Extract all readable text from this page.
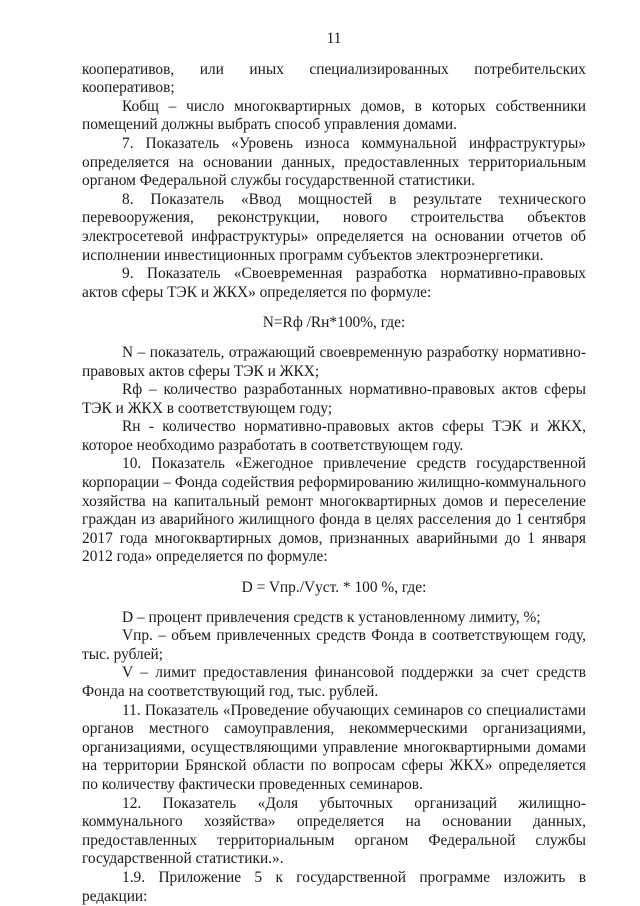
11

кооперативов, или иных специализированных потребительских кооперативов;

Кобщ – число многоквартирных домов, в которых собственники помещений должны выбрать способ управления домами.

7. Показатель «Уровень износа коммунальной инфраструктуры» определяется на основании данных, предоставленных территориальным органом Федеральной службы государственной статистики.

8. Показатель «Ввод мощностей в результате технического перевооружения, реконструкции, нового строительства объектов электросетевой инфраструктуры» определяется на основании отчетов об исполнении инвестиционных программ субъектов электроэнергетики.

9. Показатель «Своевременная разработка нормативно-правовых актов сферы ТЭК и ЖКХ» определяется по формуле:

N=Rф /Rн*100%, где:

N – показатель, отражающий своевременную разработку нормативно-правовых актов сферы ТЭК и ЖКХ;

Rф – количество разработанных нормативно-правовых актов сферы ТЭК и ЖКХ в соответствующем году;

Rн - количество нормативно-правовых актов сферы ТЭК и ЖКХ, которое необходимо разработать в соответствующем году.

10. Показатель «Ежегодное привлечение средств государственной корпорации – Фонда содействия реформированию жилищно-коммунального хозяйства на капитальный ремонт многоквартирных домов и переселение граждан из аварийного жилищного фонда в целях расселения до 1 сентября 2017 года многоквартирных домов, признанных аварийными до 1 января 2012 года» определяется по формуле:

D = Vпр./Vуст. * 100 %, где:

D – процент привлечения средств к установленному лимиту, %;

Vпр. – объем привлеченных средств Фонда в соответствующем году, тыс. рублей;

V – лимит предоставления финансовой поддержки за счет средств Фонда на соответствующий год, тыс. рублей.

11. Показатель «Проведение обучающих семинаров со специалистами органов местного самоуправления, некоммерческими организациями, организациями, осуществляющими управление многоквартирными домами на территории Брянской области по вопросам сферы ЖКХ» определяется по количеству фактически проведенных семинаров.

12. Показатель «Доля убыточных организаций жилищно-коммунального хозяйства» определяется на основании данных, предоставленных территориальным органом Федеральной службы государственной статистики.».

1.9. Приложение 5 к государственной программе изложить в редакции:
